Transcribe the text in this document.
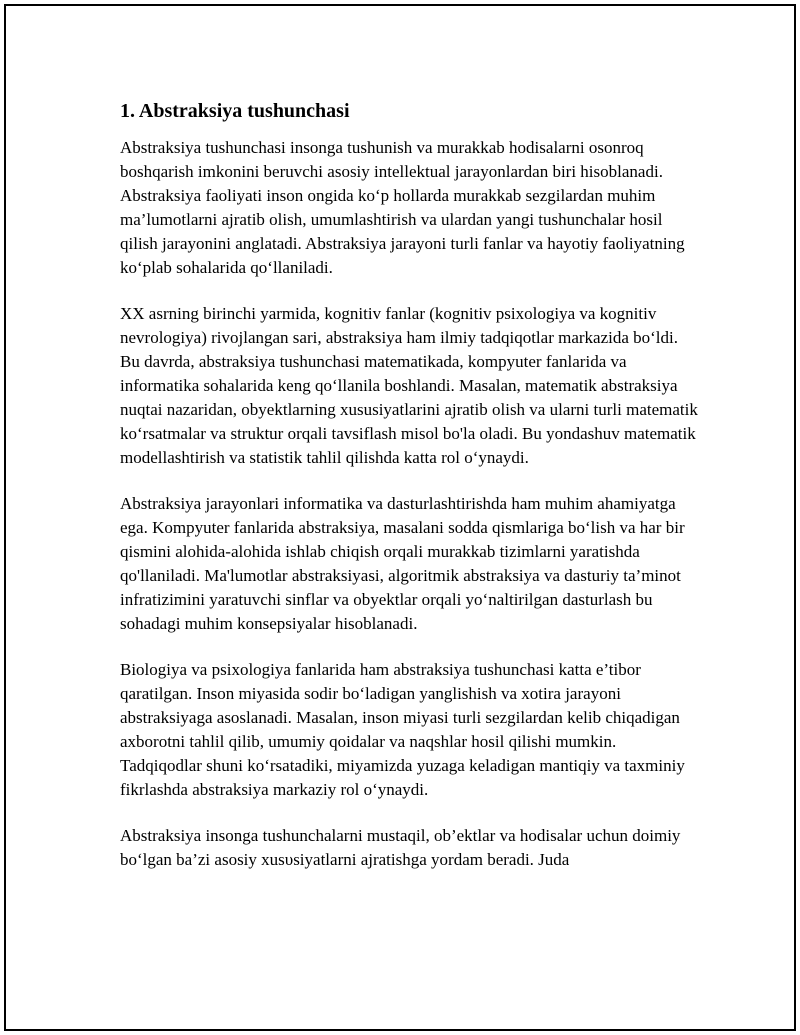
1. Abstraksiya tushunchasi

Abstraksiya tushunchasi insonga tushunish va murakkab hodisalarni osonroq boshqarish imkonini beruvchi asosiy intellektual jarayonlardan biri hisoblanadi. Abstraksiya faoliyati inson ongida ko‘p hollarda murakkab sezgilardan muhim ma’lumotlarni ajratib olish, umumlashtirish va ulardan yangi tushunchalar hosil qilish jarayonini anglatadi. Abstraksiya jarayoni turli fanlar va hayotiy faoliyatning ko‘plab sohalarida qo‘llaniladi.

XX asrning birinchi yarmida, kognitiv fanlar (kognitiv psixologiya va kognitiv nevrologiya) rivojlangan sari, abstraksiya ham ilmiy tadqiqotlar markazida bo‘ldi. Bu davrda, abstraksiya tushunchasi matematikada, kompyuter fanlarida va informatika sohalarida keng qo‘llanila boshlandi. Masalan, matematik abstraksiya nuqtai nazaridan, obyektlarning xususiyatlarini ajratib olish va ularni turli matematik ko‘rsatmalar va struktur orqali tavsiflash misol bo'la oladi. Bu yondashuv matematik modellashtirish va statistik tahlil qilishda katta rol o‘ynaydi.

Abstraksiya jarayonlari informatika va dasturlashtirishda ham muhim ahamiyatga ega. Kompyuter fanlarida abstraksiya, masalani sodda qismlariga bo‘lish va har bir qismini alohida-alohida ishlab chiqish orqali murakkab tizimlarni yaratishda qo'llaniladi. Ma'lumotlar abstraksiyasi, algoritmik abstraksiya va dasturiy ta’minot infratizimini yaratuvchi sinflar va obyektlar orqali yo‘naltirilgan dasturlash bu sohadagi muhim konsepsiyalar hisoblanadi.

Biologiya va psixologiya fanlarida ham abstraksiya tushunchasi katta e’tibor qaratilgan. Inson miyasida sodir bo‘ladigan yanglishish va xotira jarayoni abstraksiyaga asoslanadi. Masalan, inson miyasi turli sezgilardan kelib chiqadigan axborotni tahlil qilib, umumiy qoidalar va naqshlar hosil qilishi mumkin. Tadqiqodlar shuni ko‘rsatadiki, miyamizda yuzaga keladigan mantiqiy va taxminiy fikrlashda abstraksiya markaziy rol o‘ynaydi.

Abstraksiya insonga tushunchalarni mustaqil, ob’ektlar va hodisalar uchun doimiy bo‘lgan ba’zi asosiy xusυsiyatlarni ajratishga yordam beradi. Juda
